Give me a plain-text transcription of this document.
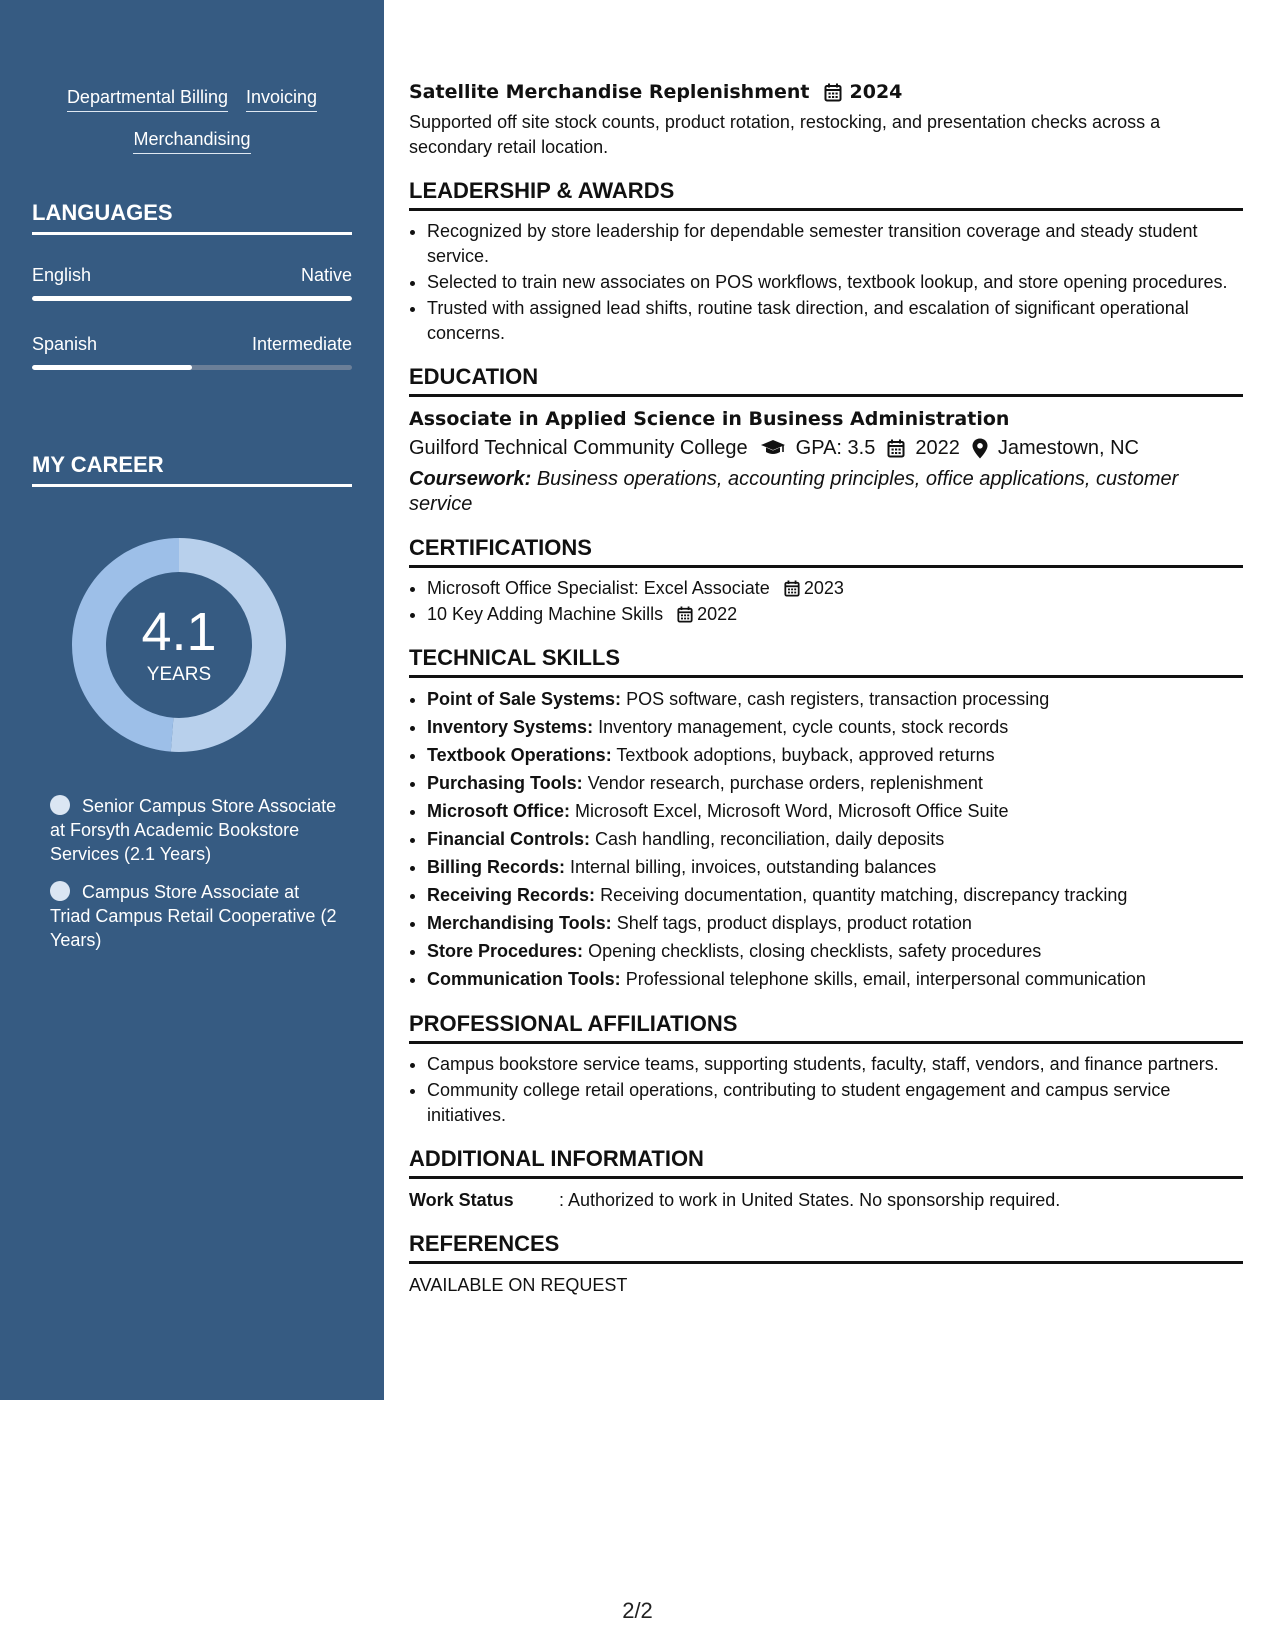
Departmental Billing Invoicing
Merchandising
LANGUAGES
English	Native
Spanish	Intermediate
MY CAREER
4.1
YEARS
Senior Campus Store Associate at Forsyth Academic Bookstore Services (2.1 Years)
Campus Store Associate at Triad Campus Retail Cooperative (2 Years)
Satellite Merchandise Replenishment 2024

Supported off site stock counts, product rotation, restocking, and presentation checks across a secondary retail location.

LEADERSHIP & AWARDS
• Recognized by store leadership for dependable semester transition coverage and steady student service.
• Selected to train new associates on POS workflows, textbook lookup, and store opening procedures.
• Trusted with assigned lead shifts, routine task direction, and escalation of significant operational concerns.
EDUCATION
Associate in Applied Science in Business Administration
Guilford Technical Community College GPA: 3.5 2022 Jamestown, NC

Coursework: Business operations, accounting principles, office applications, customer service

CERTIFICATIONS
• Microsoft Office Specialist: Excel Associate 2023
• 10 Key Adding Machine Skills 2022
TECHNICAL SKILLS
• Point of Sale Systems: POS software, cash registers, transaction processing
• Inventory Systems: Inventory management, cycle counts, stock records
• Textbook Operations: Textbook adoptions, buyback, approved returns
• Purchasing Tools: Vendor research, purchase orders, replenishment
• Microsoft Office: Microsoft Excel, Microsoft Word, Microsoft Office Suite
• Financial Controls: Cash handling, reconciliation, daily deposits
• Billing Records: Internal billing, invoices, outstanding balances
• Receiving Records: Receiving documentation, quantity matching, discrepancy tracking
• Merchandising Tools: Shelf tags, product displays, product rotation
• Store Procedures: Opening checklists, closing checklists, safety procedures
• Communication Tools: Professional telephone skills, email, interpersonal communication
PROFESSIONAL AFFILIATIONS
• Campus bookstore service teams, supporting students, faculty, staff, vendors, and finance partners.
• Community college retail operations, contributing to student engagement and campus service initiatives.
ADDITIONAL INFORMATION
Work Status	: Authorized to work in United States. No sponsorship required.
REFERENCES
AVAILABLE ON REQUEST
2/2
